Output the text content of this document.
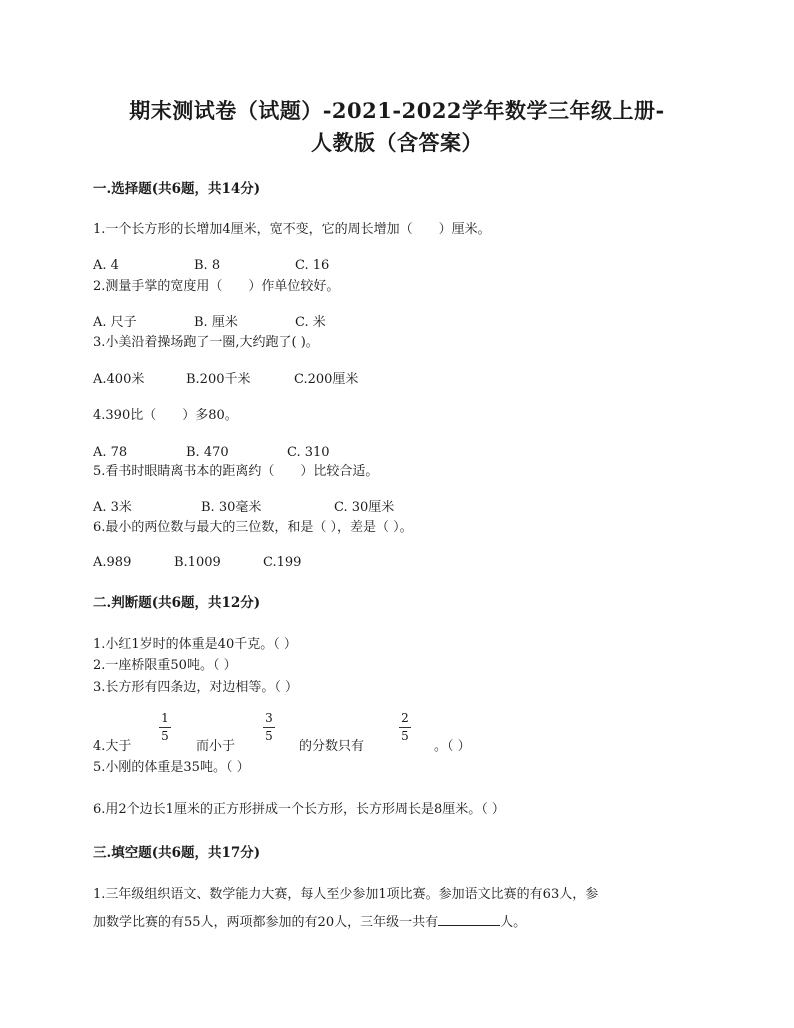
期末测试卷（试题）-2021-2022学年数学三年级上册-
人教版（含答案）
一.选择题(共6题，共14分)
1.一个长方形的长增加4厘米，宽不变，它的周长增加（　　）厘米。
A. 4	B. 8	C. 16
2.测量手掌的宽度用（　　）作单位较好。
A. 尺子	B. 厘米	C. 米
3.小美沿着操场跑了一圈,大约跑了( )。
A.400米	B.200千米	C.200厘米
4.390比（　　）多80。
A. 78	B. 470	C. 310
5.看书时眼睛离书本的距离约（　　）比较合适。
A. 3米	B. 30毫米	C. 30厘米
6.最小的两位数与最大的三位数，和是（ ），差是（ ）。
A.989	B.1009	C.199
二.判断题(共6题，共12分)
1.小红1岁时的体重是40千克。（ ）
2.一座桥限重50吨。（ ）
3.长方形有四条边，对边相等。（ ）
4.大于
1
5
而小于
3
5
的分数只有
2
5
。（ ）
5.小刚的体重是35吨。（ ）
6.用2个边长1厘米的正方形拼成一个长方形，长方形周长是8厘米。（ ）
三.填空题(共6题，共17分)
1.三年级组织语文、数学能力大赛，每人至少参加1项比赛。参加语文比赛的有63人，参
加数学比赛的有55人，两项都参加的有20人，三年级一共有	人。
